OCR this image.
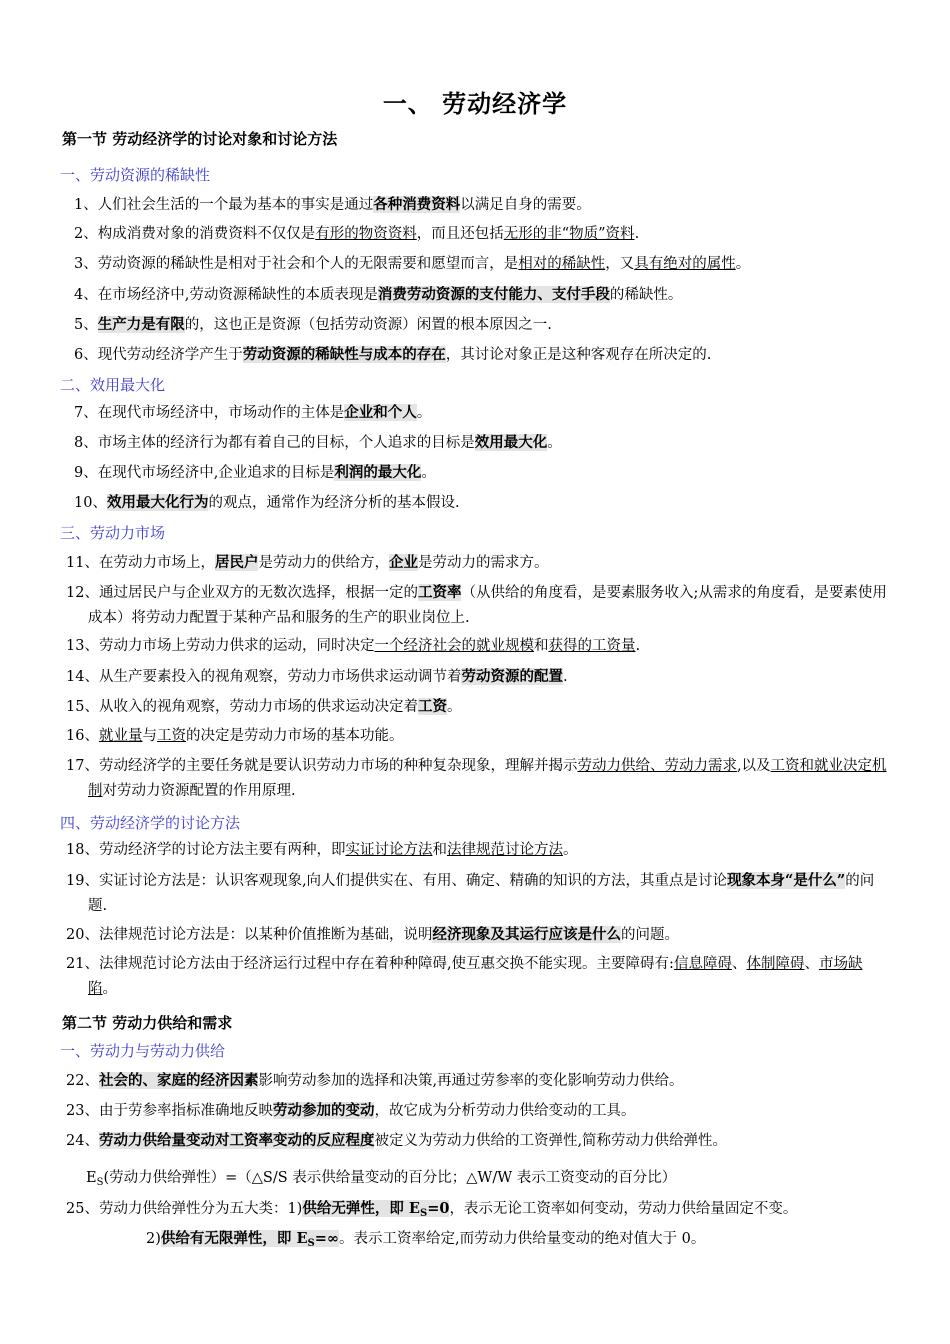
一、 劳动经济学
第一节 劳动经济学的讨论对象和讨论方法
一、劳动资源的稀缺性
1、人们社会生活的一个最为基本的事实是通过各种消费资料以满足自身的需要。
2、构成消费对象的消费资料不仅仅是有形的物资资料，而且还包括无形的非“物质”资料.
3、劳动资源的稀缺性是相对于社会和个人的无限需要和愿望而言，是相对的稀缺性，又具有绝对的属性。
4、在市场经济中,劳动资源稀缺性的本质表现是消费劳动资源的支付能力、支付手段的稀缺性。
5、生产力是有限的，这也正是资源（包括劳动资源）闲置的根本原因之一.
6、现代劳动经济学产生于劳动资源的稀缺性与成本的存在，其讨论对象正是这种客观存在所决定的.
二、效用最大化
7、在现代市场经济中，市场动作的主体是企业和个人。
8、市场主体的经济行为都有着自己的目标，个人追求的目标是效用最大化。
9、在现代市场经济中,企业追求的目标是利润的最大化。
10、效用最大化行为的观点，通常作为经济分析的基本假设.
三、劳动力市场
11、在劳动力市场上，居民户是劳动力的供给方，企业是劳动力的需求方。
12、通过居民户与企业双方的无数次选择，根据一定的工资率（从供给的角度看，是要素服务收入;从需求的角度看，是要素使用成本）将劳动力配置于某种产品和服务的生产的职业岗位上.
13、劳动力市场上劳动力供求的运动，同时决定一个经济社会的就业规模和获得的工资量.
14、从生产要素投入的视角观察，劳动力市场供求运动调节着劳动资源的配置.
15、从收入的视角观察，劳动力市场的供求运动决定着工资。
16、就业量与工资的决定是劳动力市场的基本功能。
17、劳动经济学的主要任务就是要认识劳动力市场的种种复杂现象，理解并揭示劳动力供给、劳动力需求,以及工资和就业决定机制对劳动力资源配置的作用原理.
四、劳动经济学的讨论方法
18、劳动经济学的讨论方法主要有两种，即实证讨论方法和法律规范讨论方法。
19、实证讨论方法是：认识客观现象,向人们提供实在、有用、确定、精确的知识的方法，其重点是讨论现象本身“是什么”的问题.
20、法律规范讨论方法是：以某种价值推断为基础，说明经济现象及其运行应该是什么的问题。
21、法律规范讨论方法由于经济运行过程中存在着种种障碍,使互惠交换不能实现。主要障碍有:信息障碍、体制障碍、市场缺陷。
第二节 劳动力供给和需求
一、劳动力与劳动力供给
22、社会的、家庭的经济因素影响劳动参加的选择和决策,再通过劳参率的变化影响劳动力供给。
23、由于劳参率指标准确地反映劳动参加的变动，故它成为分析劳动力供给变动的工具。
24、劳动力供给量变动对工资率变动的反应程度被定义为劳动力供给的工资弹性,简称劳动力供给弹性。
$E_S$(劳动力供给弹性）=（△S/S 表示供给量变动的百分比；△W/W 表示工资变动的百分比）
25、劳动力供给弹性分为五大类：1)供给无弹性，即 $E_S=0$，表示无论工资率如何变动，劳动力供给量固定不变。
2)供给有无限弹性，即 $E_S=\infty$。表示工资率给定,而劳动力供给量变动的绝对值大于 0。
